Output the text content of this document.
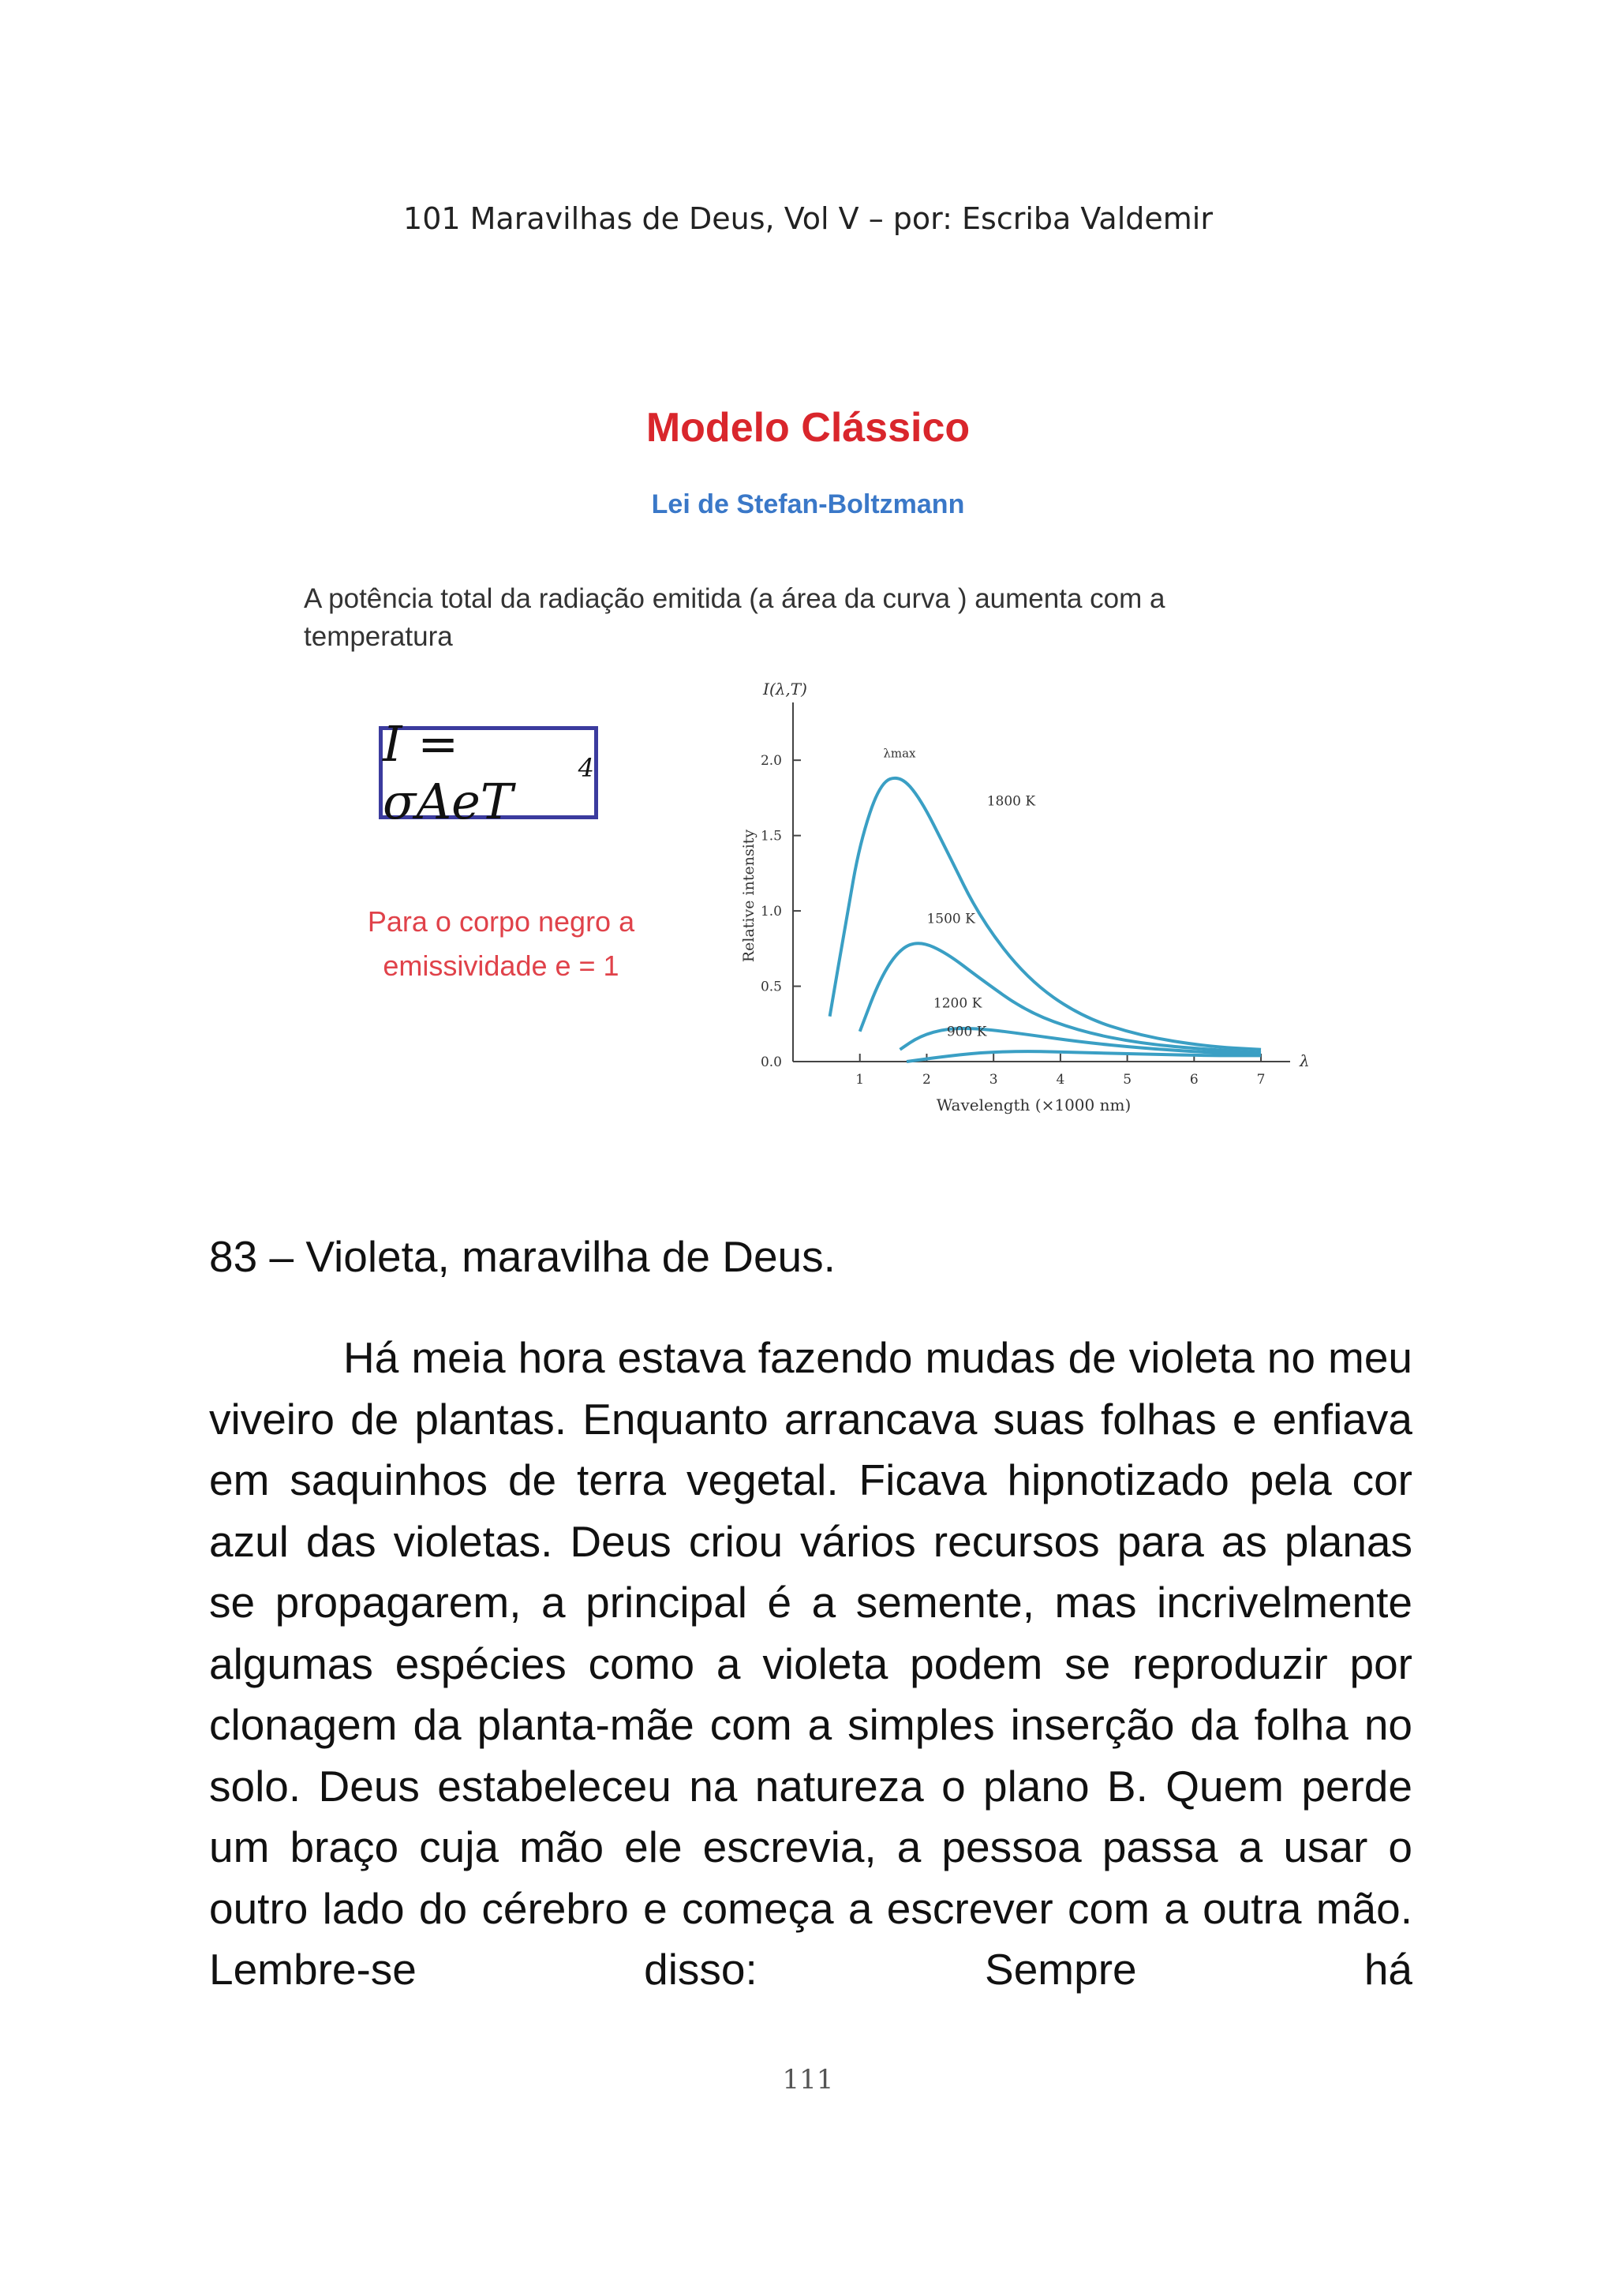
101 Maravilhas de Deus, Vol V – por: Escriba Valdemir
Modelo Clássico
Lei de Stefan-Boltzmann
A potência total da radiação emitida (a área da curva ) aumenta com a temperatura
I = σAeT
$^4$
Para o corpo negro a
emissividade e = 1
0.0
0.5
1.0
1.5
2.0
1	2	3	4	5	6	7
Wavelength (×1000 nm)
Relative intensity
I(λ,T)
λ
1800 K
1500 K
1200 K
900 K
λmax
83 – Violeta, maravilha de Deus.
Há meia hora estava fazendo mudas de violeta no meu viveiro de plantas. Enquanto arrancava suas folhas e enfiava em saquinhos de terra vegetal. Ficava hipnotizado pela cor azul das violetas. Deus criou vários recursos para as planas se propagarem, a principal é a semente, mas incrivelmente algumas espécies como a violeta podem se reproduzir por clonagem da planta-mãe com a simples inserção da folha no solo. Deus estabeleceu na natureza o plano B. Quem perde um braço cuja mão ele escrevia, a pessoa passa a usar o outro lado do cérebro e começa a escrever com a outra mão. Lembre-se disso: Sempre há
111
